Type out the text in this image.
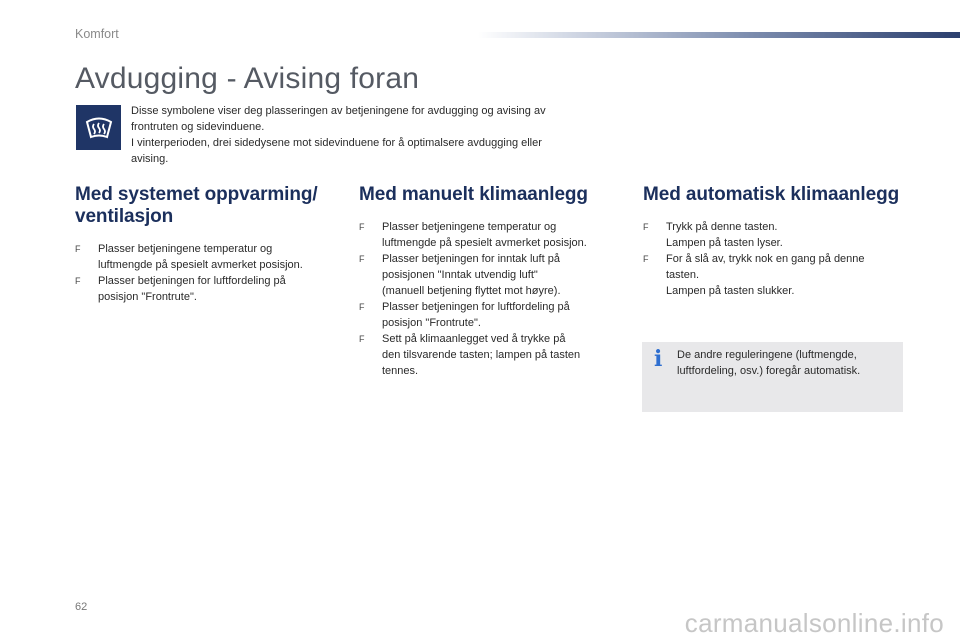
Komfort
Avdugging - Avising foran

Disse symbolene viser deg plasseringen av betjeningene for avdugging og avising av

frontruten og sidevinduene.

I vinterperioden, drei sidedysene mot sidevinduene for å optimalsere avdugging eller

avising.

Med systemet oppvarming/
ventilasjon
F Plasser betjeningene temperatur og
luftmengde på spesielt avmerket posisjon.
F Plasser betjeningen for luftfordeling på
posisjon "Frontrute".
Med manuelt klimaanlegg
F Plasser betjeningene temperatur og
luftmengde på spesielt avmerket posisjon.
F Plasser betjeningen for inntak luft på
posisjonen "Inntak utvendig luft"
(manuell betjening flyttet mot høyre).
F Plasser betjeningen for luftfordeling på
posisjon "Frontrute".
F Sett på klimaanlegget ved å trykke på
den tilsvarende tasten; lampen på tasten
tennes.
Med automatisk klimaanlegg
F Trykk på denne tasten.
Lampen på tasten lyser.
F For å slå av, trykk nok en gang på denne
tasten.
Lampen på tasten slukker.
i De andre reguleringene (luftmengde,
luftfordeling, osv.) foregår automatisk.
62
carmanualsonline.info
